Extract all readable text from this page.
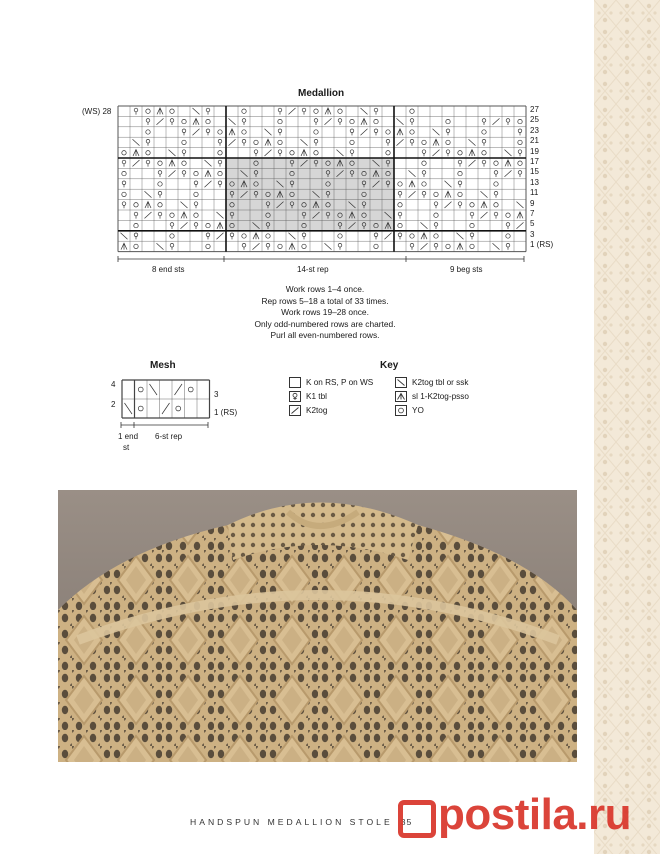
Medallion
(WS) 28	27
25
23
21
19
17
15
13
11
9
7
5
3
1 (RS)
8 end sts	14-st rep	9 beg sts
Work rows 1–4 once.
Rep rows 5–18 a total of 33 times.
Work rows 19–28 once.
Only odd-numbered rows are charted.
Purl all even-numbered rows.
Mesh
4
2
3
1 (RS)
1 end
st
6-st rep
Key
K on RS, P on WS
K1 tbl
K2tog
K2tog tbl or ssk
sl 1-K2tog-psso
YO
HANDSPUN MEDALLION STOLE 35 postila.ru
